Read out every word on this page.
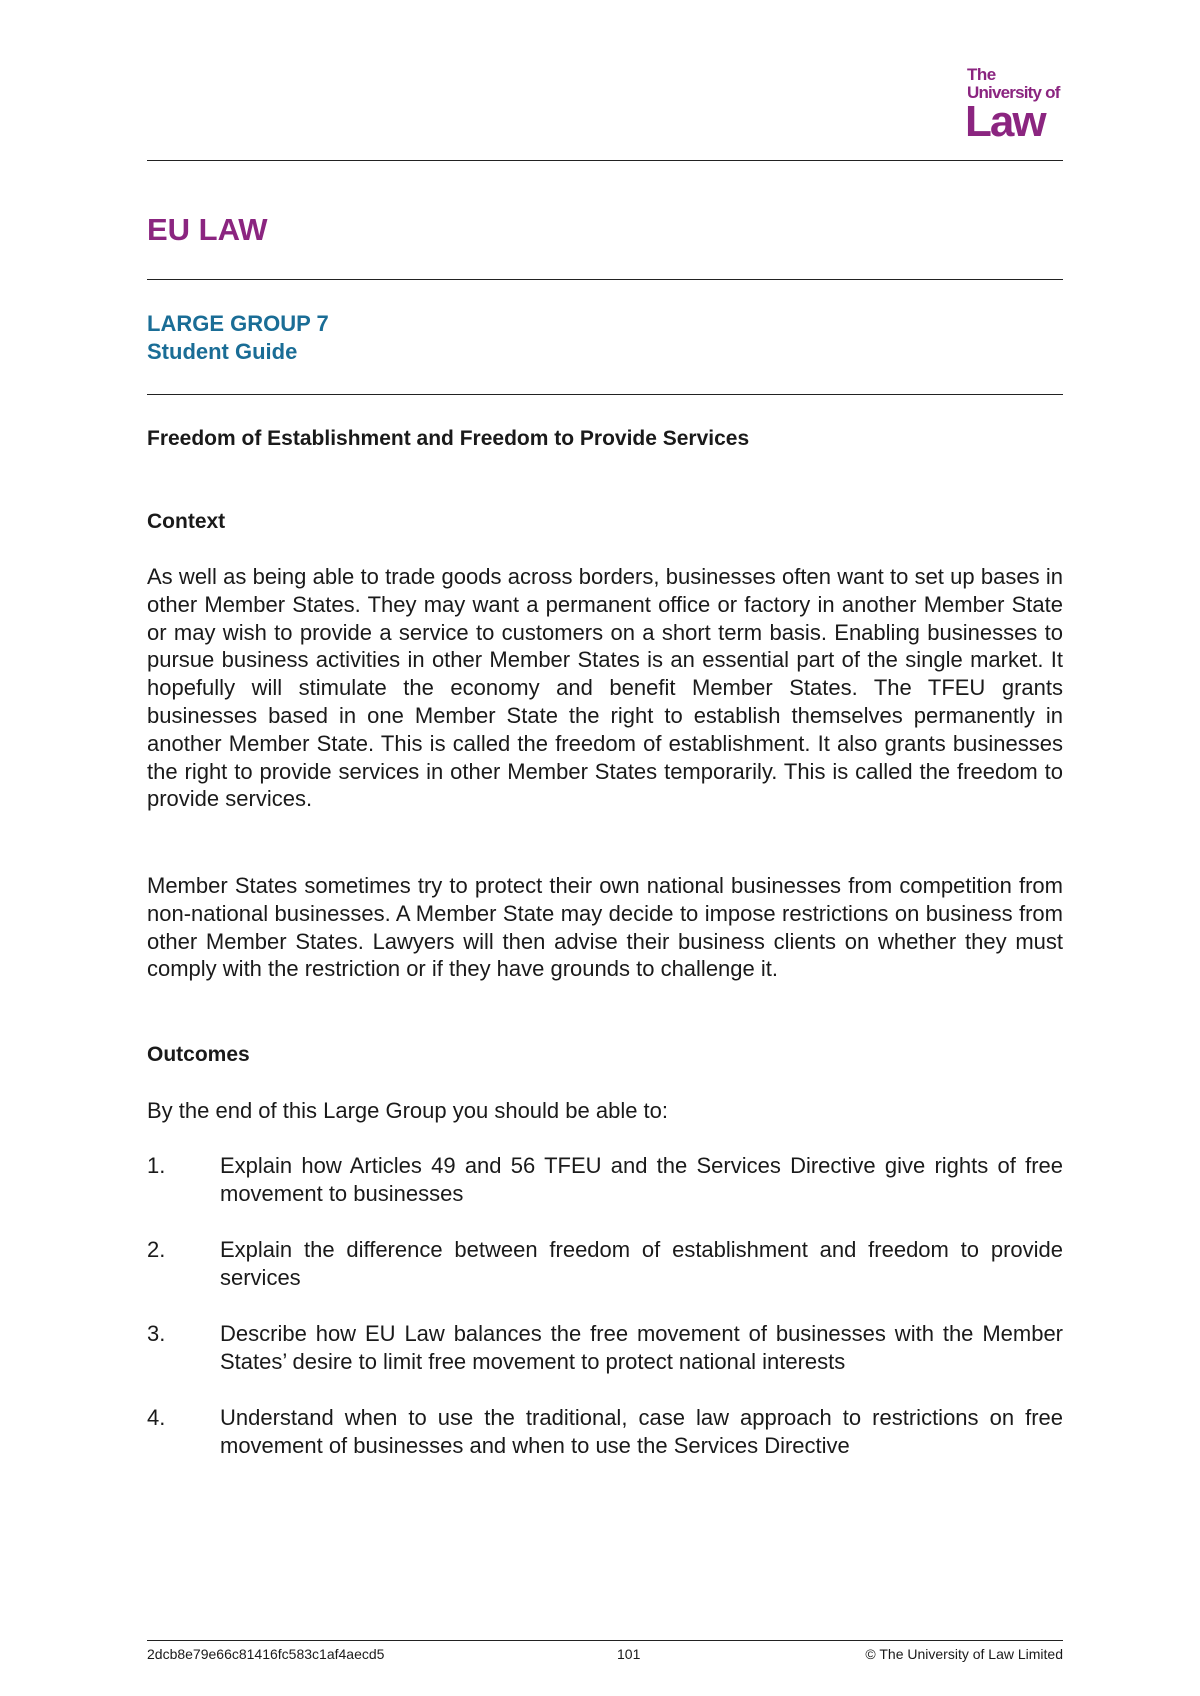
The
University of
Law
EU LAW
LARGE GROUP 7
Student Guide
Freedom of Establishment and Freedom to Provide Services
Context

As well as being able to trade goods across borders, businesses often want to set up bases in other Member States. They may want a permanent office or factory in another Member State or may wish to provide a service to customers on a short term basis. Enabling businesses to pursue business activities in other Member States is an essential part of the single market. It hopefully will stimulate the economy and benefit Member States. The TFEU grants businesses based in one Member State the right to establish themselves permanently in another Member State. This is called the freedom of establishment. It also grants businesses the right to provide services in other Member States temporarily. This is called the freedom to provide services.

Member States sometimes try to protect their own national businesses from competition from non-national businesses. A Member State may decide to impose restrictions on business from other Member States. Lawyers will then advise their business clients on whether they must comply with the restriction or if they have grounds to challenge it.

Outcomes
By the end of this Large Group you should be able to:
1. Explain how Articles 49 and 56 TFEU and the Services Directive give rights of free movement to businesses

2. Explain the difference between freedom of establishment and freedom to provide services

3. Describe how EU Law balances the free movement of businesses with the Member States’ desire to limit free movement to protect national interests

4. Understand when to use the traditional, case law approach to restrictions on free movement of businesses and when to use the Services Directive

2dcb8e79e66c81416fc583c1af4aecd5	101	© The University of Law Limited
